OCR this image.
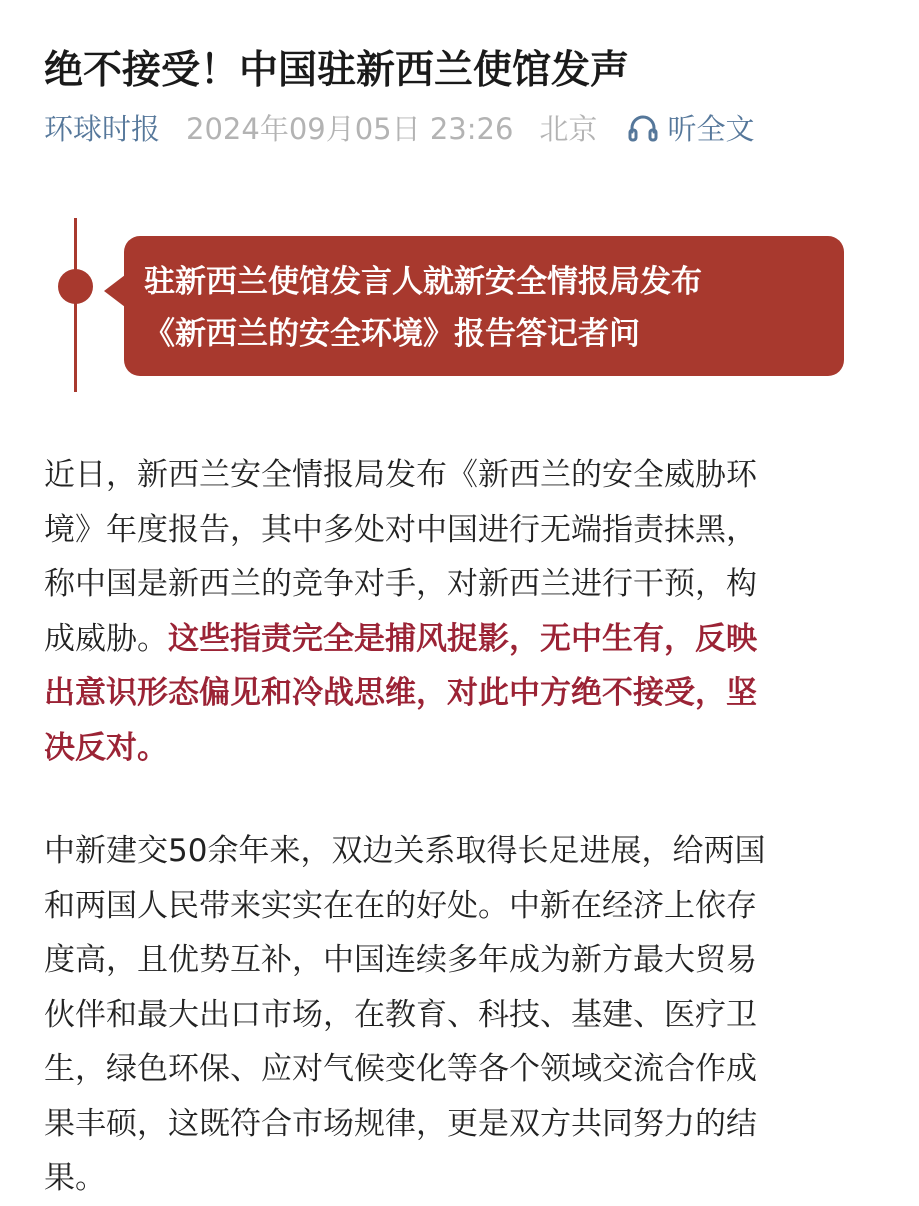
绝不接受！中国驻新西兰使馆发声
环球时报 2024年09月05日 23:26 北京 听全文
驻新西兰使馆发言人就新安全情报局发布
《新西兰的安全环境》报告答记者问

近日，新西兰安全情报局发布《新西兰的安全威胁环
境》年度报告，其中多处对中国进行无端指责抹黑，
称中国是新西兰的竞争对手，对新西兰进行干预，构
成威胁。这些指责完全是捕风捉影，无中生有，反映
出意识形态偏见和冷战思维，对此中方绝不接受，坚
决反对。

中新建交50余年来，双边关系取得长足进展，给两国
和两国人民带来实实在在的好处。中新在经济上依存
度高，且优势互补，中国连续多年成为新方最大贸易
伙伴和最大出口市场，在教育、科技、基建、医疗卫
生，绿色环保、应对气候变化等各个领域交流合作成
果丰硕，这既符合市场规律，更是双方共同努力的结
果。
